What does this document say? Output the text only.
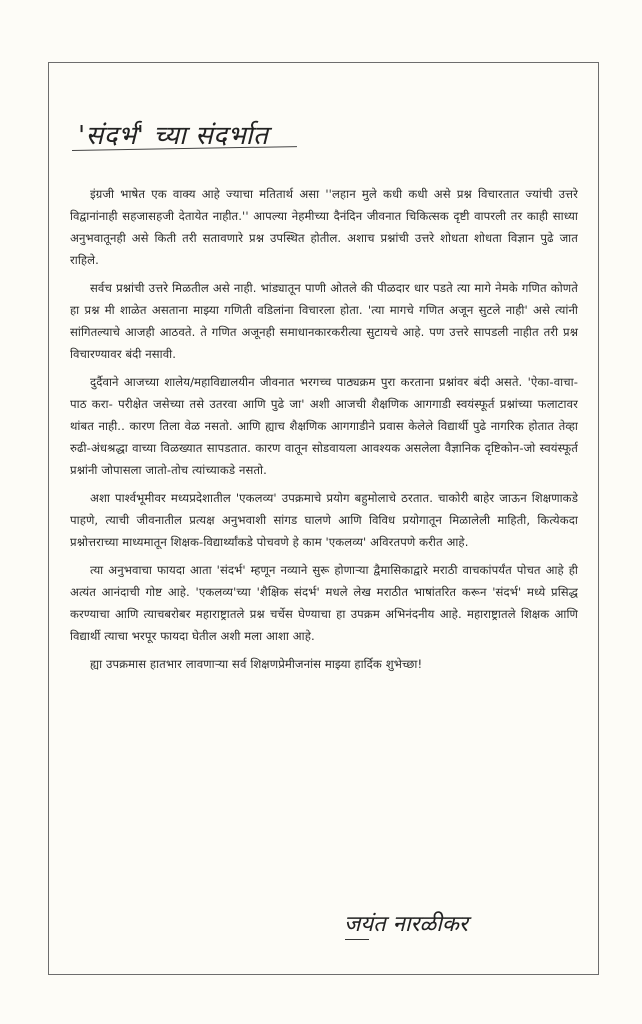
'संदर्भ' च्या संदर्भात

इंग्रजी भाषेत एक वाक्य आहे ज्याचा मतितार्थ असा ''लहान मुले कधी कधी असे प्रश्न विचारतात ज्यांची उत्तरे विद्वानांनाही सहजासहजी देतायेत नाहीत.'' आपल्या नेहमीच्या दैनंदिन जीवनात चिकित्सक दृष्टी वापरली तर काही साध्या अनुभवातूनही असे किती तरी सतावणारे प्रश्न उपस्थित होतील. अशाच प्रश्नांची उत्तरे शोधता शोधता विज्ञान पुढे जात राहिले.

सर्वच प्रश्नांची उत्तरे मिळतील असे नाही. भांड्यातून पाणी ओतले की पीळदार धार पडते त्या मागे नेमके गणित कोणते हा प्रश्न मी शाळेत असताना माझ्या गणिती वडिलांना विचारला होता. 'त्या मागचे गणित अजून सुटले नाही' असे त्यांनी सांगितल्याचे आजही आठवते. ते गणित अजूनही समाधानकारकरीत्या सुटायचे आहे. पण उत्तरे सापडली नाहीत तरी प्रश्न विचारण्यावर बंदी नसावी.

दुर्दैवाने आजच्या शालेय/महाविद्यालयीन जीवनात भरगच्च पाठ्यक्रम पुरा करताना प्रश्नांवर बंदी असते. 'ऐका-वाचा-पाठ करा- परीक्षेत जसेच्या तसे उतरवा आणि पुढे जा' अशी आजची शैक्षणिक आगगाडी स्वयंस्फूर्त प्रश्नांच्या फलाटावर थांबत नाही.. कारण तिला वेळ नसतो. आणि ह्याच शैक्षणिक आगगाडीने प्रवास केलेले विद्यार्थी पुढे नागरिक होतात तेव्हा रुढी-अंधश्रद्धा वाच्या विळख्यात सापडतात. कारण वातून सोडवायला आवश्यक असलेला वैज्ञानिक दृष्टिकोन-जो स्वयंस्फूर्त प्रश्नांनी जोपासला जातो-तोच त्यांच्याकडे नसतो.

अशा पार्श्वभूमीवर मध्यप्रदेशातील 'एकलव्य' उपक्रमाचे प्रयोग बहुमोलाचे ठरतात. चाकोरी बाहेर जाऊन शिक्षणाकडे पाहणे, त्याची जीवनातील प्रत्यक्ष अनुभवाशी सांगड घालणे आणि विविध प्रयोगातून मिळालेली माहिती, कित्येकदा प्रश्नोत्तराच्या माध्यमातून शिक्षक-विद्यार्थ्यांकडे पोचवणे हे काम 'एकलव्य' अविरतपणे करीत आहे.

त्या अनुभवाचा फायदा आता 'संदर्भ' म्हणून नव्याने सुरू होणाऱ्या द्वैमासिकाद्वारे मराठी वाचकांपर्यंत पोचत आहे ही अत्यंत आनंदाची गोष्ट आहे. 'एकलव्य'च्या 'शैक्षिक संदर्भ' मधले लेख मराठीत भाषांतरित करून 'संदर्भ' मध्ये प्रसिद्ध करण्याचा आणि त्याचबरोबर महाराष्ट्रातले प्रश्न चर्चेस घेण्याचा हा उपक्रम अभिनंदनीय आहे. महाराष्ट्रातले शिक्षक आणि विद्यार्थी त्याचा भरपूर फायदा घेतील अशी मला आशा आहे.

ह्या उपक्रमास हातभार लावणाऱ्या सर्व शिक्षणप्रेमीजनांस माझ्या हार्दिक शुभेच्छा!

जयंत नारळीकर
